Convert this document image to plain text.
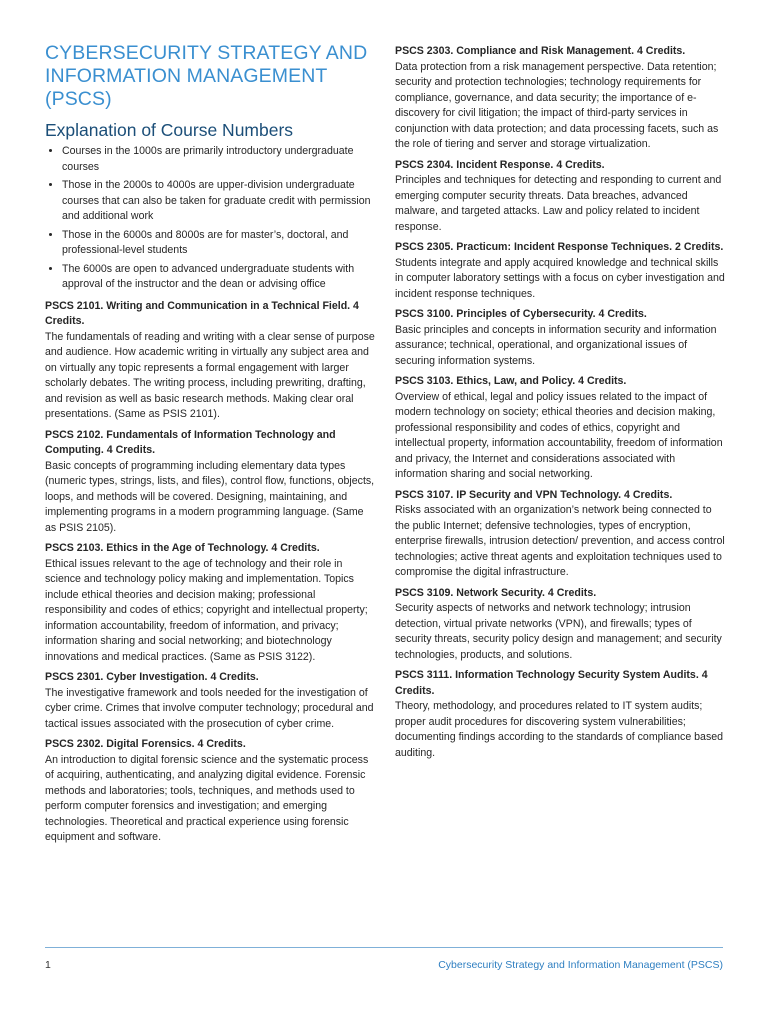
CYBERSECURITY STRATEGY AND INFORMATION MANAGEMENT (PSCS)
Explanation of Course Numbers
• Courses in the 1000s are primarily introductory undergraduate courses
• Those in the 2000s to 4000s are upper-division undergraduate courses that can also be taken for graduate credit with permission and additional work
• Those in the 6000s and 8000s are for master’s, doctoral, and professional-level students
• The 6000s are open to advanced undergraduate students with approval of the instructor and the dean or advising office

PSCS 2101. Writing and Communication in a Technical Field. 4 Credits.

The fundamentals of reading and writing with a clear sense of purpose and audience. How academic writing in virtually any subject area and on virtually any topic represents a formal engagement with larger scholarly debates. The writing process, including prewriting, drafting, and revision as well as basic research methods. Making clear oral presentations. (Same as PSIS 2101).

PSCS 2102. Fundamentals of Information Technology and Computing. 4 Credits.

Basic concepts of programming including elementary data types (numeric types, strings, lists, and files), control flow, functions, objects, loops, and methods will be covered. Designing, maintaining, and implementing programs in a modern programming language. (Same as PSIS 2105).

PSCS 2103. Ethics in the Age of Technology. 4 Credits.

Ethical issues relevant to the age of technology and their role in science and technology policy making and implementation. Topics include ethical theories and decision making; professional responsibility and codes of ethics; copyright and intellectual property; information accountability, freedom of information, and privacy; information sharing and social networking; and biotechnology innovations and medical practices. (Same as PSIS 3122).

PSCS 2301. Cyber Investigation. 4 Credits.

The investigative framework and tools needed for the investigation of cyber crime. Crimes that involve computer technology; procedural and tactical issues associated with the prosecution of cyber crime.

PSCS 2302. Digital Forensics. 4 Credits.

An introduction to digital forensic science and the systematic process of acquiring, authenticating, and analyzing digital evidence. Forensic methods and laboratories; tools, techniques, and methods used to perform computer forensics and investigation; and emerging technologies. Theoretical and practical experience using forensic equipment and software.

PSCS 2303. Compliance and Risk Management. 4 Credits.

Data protection from a risk management perspective. Data retention; security and protection technologies; technology requirements for compliance, governance, and data security; the importance of e-discovery for civil litigation; the impact of third-party services in conjunction with data protection; and data processing facets, such as the role of tiering and server and storage virtualization.

PSCS 2304. Incident Response. 4 Credits.

Principles and techniques for detecting and responding to current and emerging computer security threats. Data breaches, advanced malware, and targeted attacks. Law and policy related to incident response.

PSCS 2305. Practicum: Incident Response Techniques. 2 Credits.

Students integrate and apply acquired knowledge and technical skills in computer laboratory settings with a focus on cyber investigation and incident response techniques.

PSCS 3100. Principles of Cybersecurity. 4 Credits.

Basic principles and concepts in information security and information assurance; technical, operational, and organizational issues of securing information systems.

PSCS 3103. Ethics, Law, and Policy. 4 Credits.

Overview of ethical, legal and policy issues related to the impact of modern technology on society; ethical theories and decision making, professional responsibility and codes of ethics, copyright and intellectual property, information accountability, freedom of information and privacy, the Internet and considerations associated with information sharing and social networking.

PSCS 3107. IP Security and VPN Technology. 4 Credits.

Risks associated with an organization’s network being connected to the public Internet; defensive technologies, types of encryption, enterprise firewalls, intrusion detection/ prevention, and access control technologies; active threat agents and exploitation techniques used to compromise the digital infrastructure.

PSCS 3109. Network Security. 4 Credits.

Security aspects of networks and network technology; intrusion detection, virtual private networks (VPN), and firewalls; types of security threats, security policy design and management; and security technologies, products, and solutions.

PSCS 3111. Information Technology Security System Audits. 4 Credits.

Theory, methodology, and procedures related to IT system audits; proper audit procedures for discovering system vulnerabilities; documenting findings according to the standards of compliance based auditing.

1	Cybersecurity Strategy and Information Management (PSCS)
